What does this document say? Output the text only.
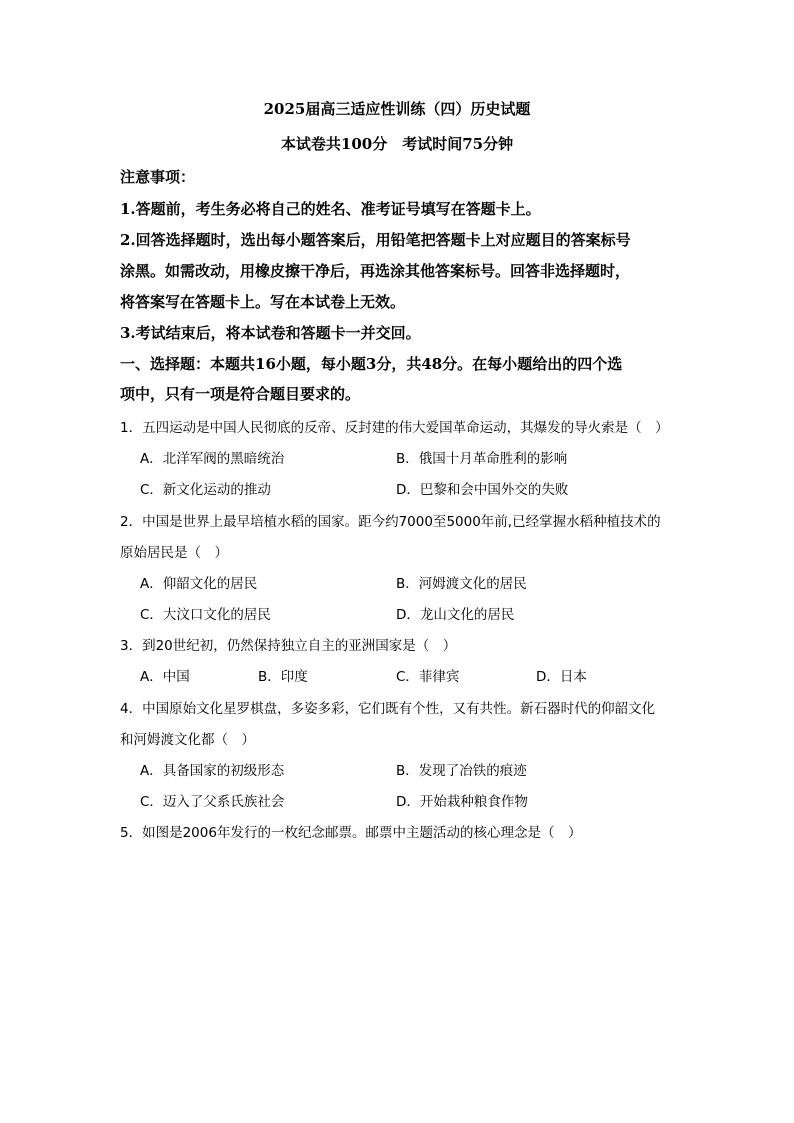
2025届高三适应性训练（四）历史试题
本试卷共100分　考试时间75分钟
注意事项：
1.答题前，考生务必将自己的姓名、准考证号填写在答题卡上。
2.回答选择题时，选出每小题答案后，用铅笔把答题卡上对应题目的答案标号
涂黑。如需改动，用橡皮擦干净后，再选涂其他答案标号。回答非选择题时，
将答案写在答题卡上。写在本试卷上无效。
3.考试结束后，将本试卷和答题卡一并交回。
一、选择题：本题共16小题，每小题3分，共48分。在每小题给出的四个选
项中，只有一项是符合题目要求的。
1．五四运动是中国人民彻底的反帝、反封建的伟大爱国革命运动，其爆发的导火索是（　）
A．北洋军阀的黑暗统治	B．俄国十月革命胜利的影响
C．新文化运动的推动	D．巴黎和会中国外交的失败
2．中国是世界上最早培植水稻的国家。距今约7000至5000年前,已经掌握水稻种植技术的
原始居民是（　）
A．仰韶文化的居民	B．河姆渡文化的居民
C．大汶口文化的居民	D．龙山文化的居民
3．到20世纪初，仍然保持独立自主的亚洲国家是（　）
A．中国	B．印度	C．菲律宾	D．日本
4．中国原始文化星罗棋盘，多姿多彩，它们既有个性，又有共性。新石器时代的仰韶文化
和河姆渡文化都（　）
A．具备国家的初级形态	B．发现了冶铁的痕迹
C．迈入了父系氏族社会	D．开始栽种粮食作物
5．如图是2006年发行的一枚纪念邮票。邮票中主题活动的核心理念是（　）
